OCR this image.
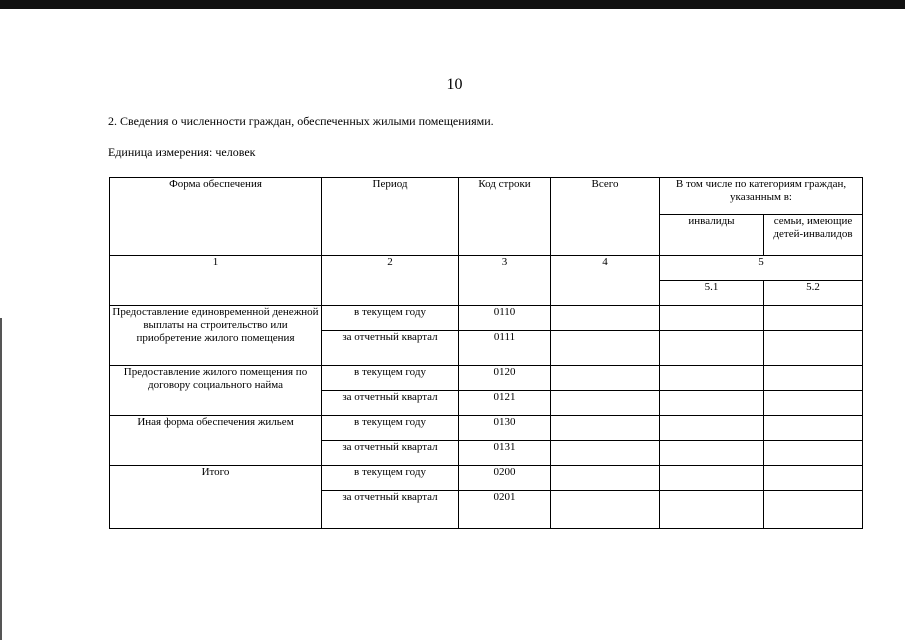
10
2. Сведения о численности граждан, обеспеченных жилыми помещениями.
Единица измерения: человек
Форма обеспечения	Период	Код строки	Всего	В том числе по категориям граждан, указанным в:	
				инвалиды	семьи, имеющие детей-инвалидов
1	2	3	4	5	
				5.1	5.2
Предоставление единовременной денежной выплаты на строительство или приобретение жилого помещения	в текущем году	0110			
	за отчетный квартал	0111			
Предоставление жилого помещения по договору социального найма	в текущем году	0120			
	за отчетный квартал	0121			
Иная форма обеспечения жильем	в текущем году	0130			
	за отчетный квартал	0131			
Итого	в текущем году	0200			
	за отчетный квартал	0201			
